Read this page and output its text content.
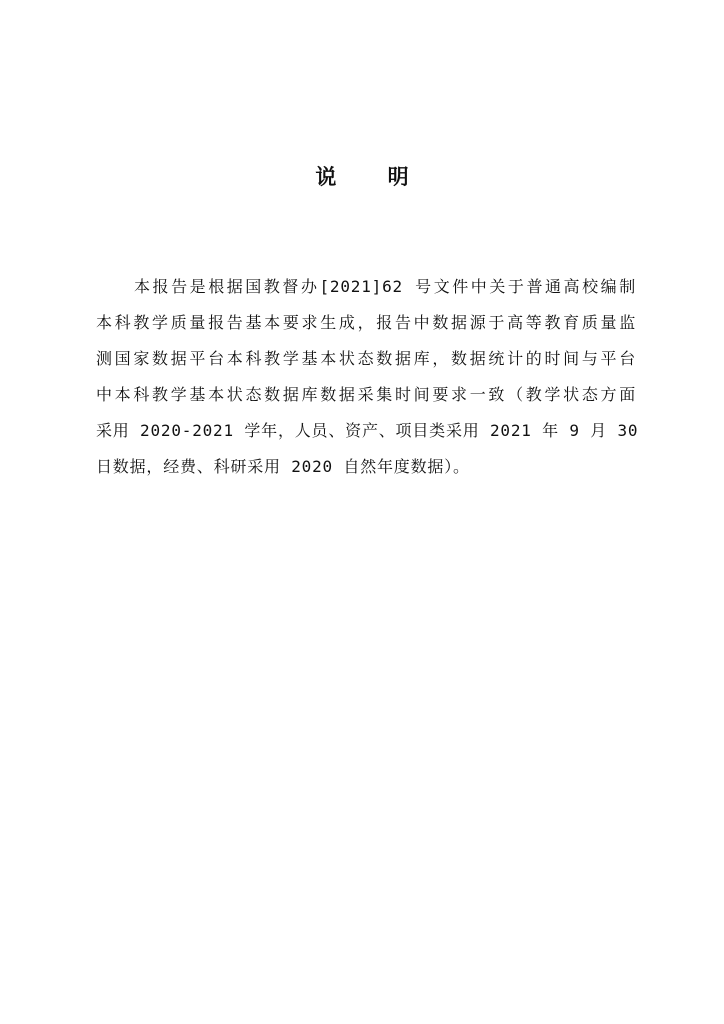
说 明
本报告是根据国教督办[2021]62 号文件中关于普通高校编制
本科教学质量报告基本要求生成，报告中数据源于高等教育质量监
测国家数据平台本科教学基本状态数据库，数据统计的时间与平台
中本科教学基本状态数据库数据采集时间要求一致（教学状态方面
采用 2020-2021 学年，人员、资产、项目类采用 2021 年 9 月 30
日数据，经费、科研采用 2020 自然年度数据）。
